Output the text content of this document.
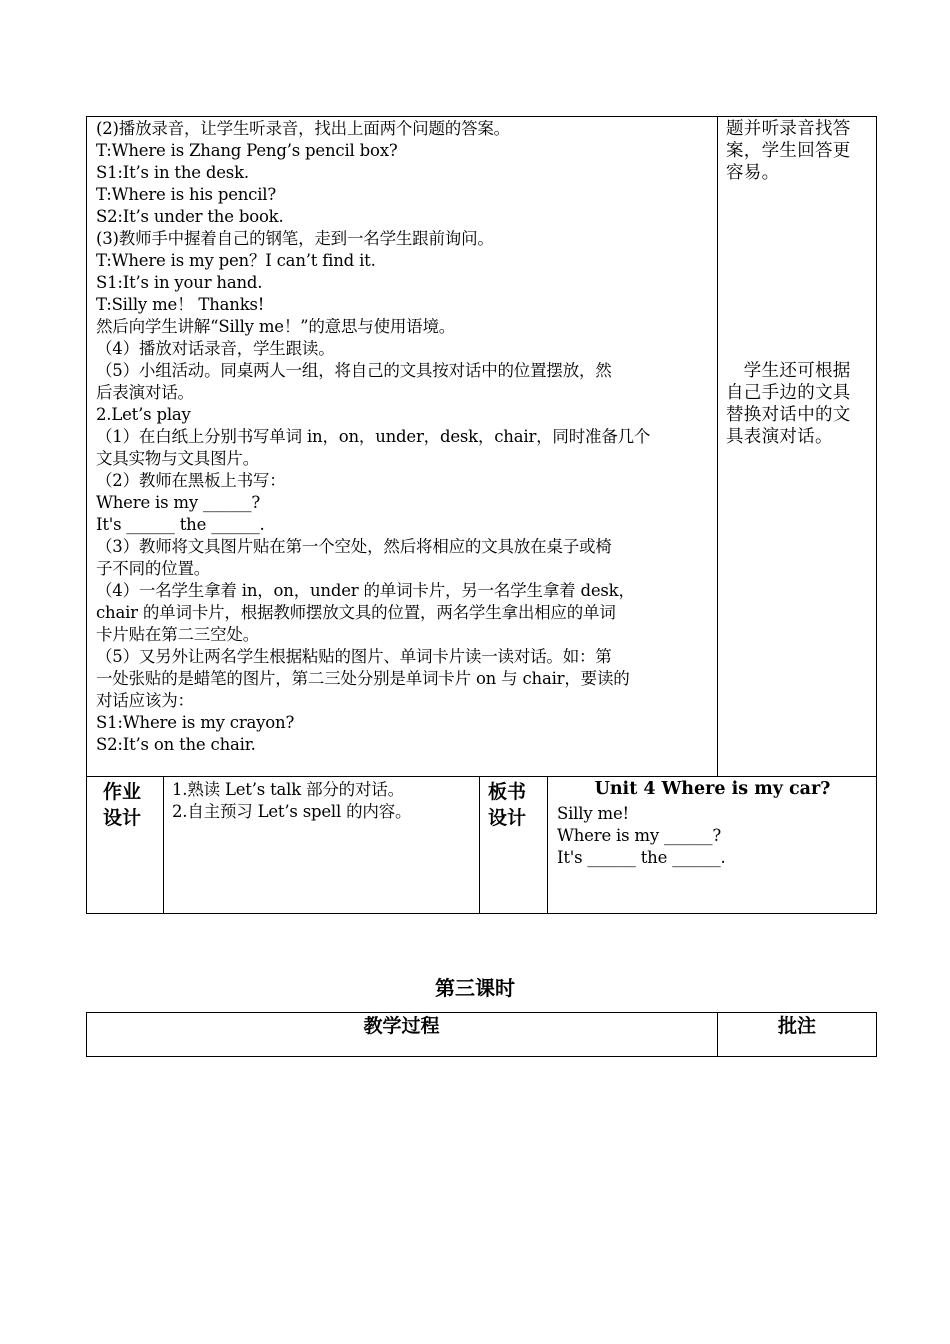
(2)播放录音，让学生听录音，找出上面两个问题的答案。
T:Where is Zhang Peng’s pencil box?
S1:It’s in the desk.
T:Where is his pencil?
S2:It’s under the book.
(3)教师手中握着自己的钢笔，走到一名学生跟前询问。
T:Where is my pen？I can’t find it.
S1:It’s in your hand.
T:Silly me！ Thanks!
然后向学生讲解“Silly me！”的意思与使用语境。
（4）播放对话录音，学生跟读。
（5）小组活动。同桌两人一组，将自己的文具按对话中的位置摆放，然
后表演对话。
2.Let’s play
（1）在白纸上分别书写单词 in，on，under，desk，chair，同时准备几个
文具实物与文具图片。
（2）教师在黑板上书写：
Where is my ______?
It's ______ the ______.
（3）教师将文具图片贴在第一个空处，然后将相应的文具放在桌子或椅
子不同的位置。
（4）一名学生拿着 in，on，under 的单词卡片，另一名学生拿着 desk，
chair 的单词卡片，根据教师摆放文具的位置，两名学生拿出相应的单词
卡片贴在第二三空处。
（5）又另外让两名学生根据粘贴的图片、单词卡片读一读对话。如：第
一处张贴的是蜡笔的图片，第二三处分别是单词卡片 on 与 chair，要读的
对话应该为：
S1:Where is my crayon?
S2:It’s on the chair.
题并听录音找答
案，学生回答更
容易。
　学生还可根据
自己手边的文具
替换对话中的文
具表演对话。
作业
设计
1.熟读 Let’s talk 部分的对话。
2.自主预习 Let’s spell 的内容。
板书
设计
Unit 4 Where is my car?
Silly me!
Where is my ______?
It's ______ the ______.
第三课时
教学过程	批注
